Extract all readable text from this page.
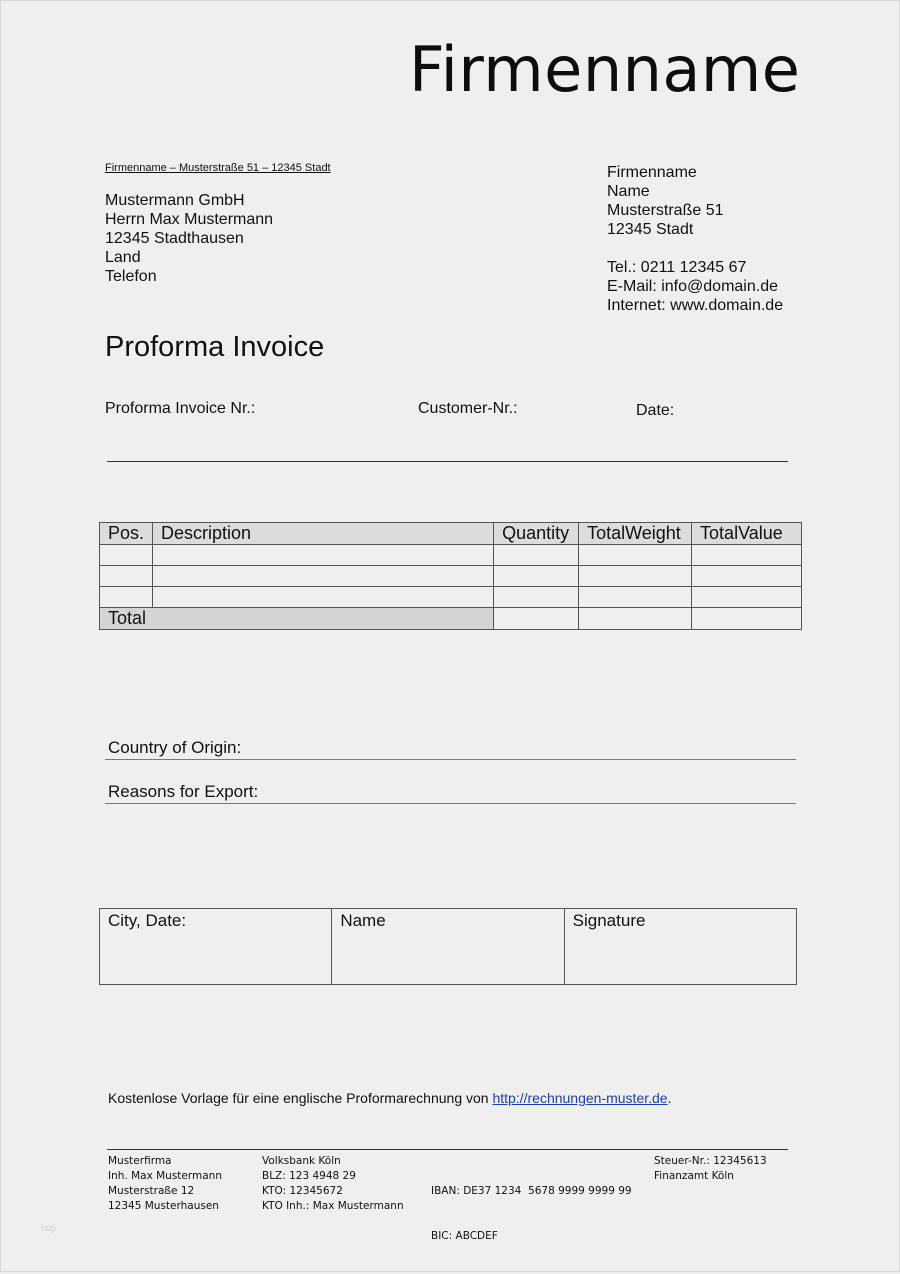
Firmenname
Firmenname – Musterstraße 51 – 12345 Stadt
Mustermann GmbH
Herrn Max Mustermann
12345 Stadthausen
Land
Telefon
Firmenname
Name
Musterstraße 51
12345 Stadt
Tel.: 0211 12345 67
E-Mail: info@domain.de
Internet: www.domain.de
Proforma Invoice
Proforma Invoice Nr.:	Customer-Nr.:	Date:
Pos.	Description	Quantity	TotalWeight	TotalValue

Total				
Country of Origin:
Reasons for Export:
City, Date:	Name	Signature
Kostenlose Vorlage für eine englische Proformarechnung von http://rechnungen-muster.de.
Musterfirma
Inh. Max Mustermann
Musterstraße 12
12345 Musterhausen
Volksbank Köln
BLZ: 123 4948 29
KTO: 12345672
KTO Inh.: Max Mustermann

IBAN: DE37 1234  5678 9999 9999 99

BIC: ABCDEF

Steuer-Nr.: 12345613
Finanzamt Köln
http
